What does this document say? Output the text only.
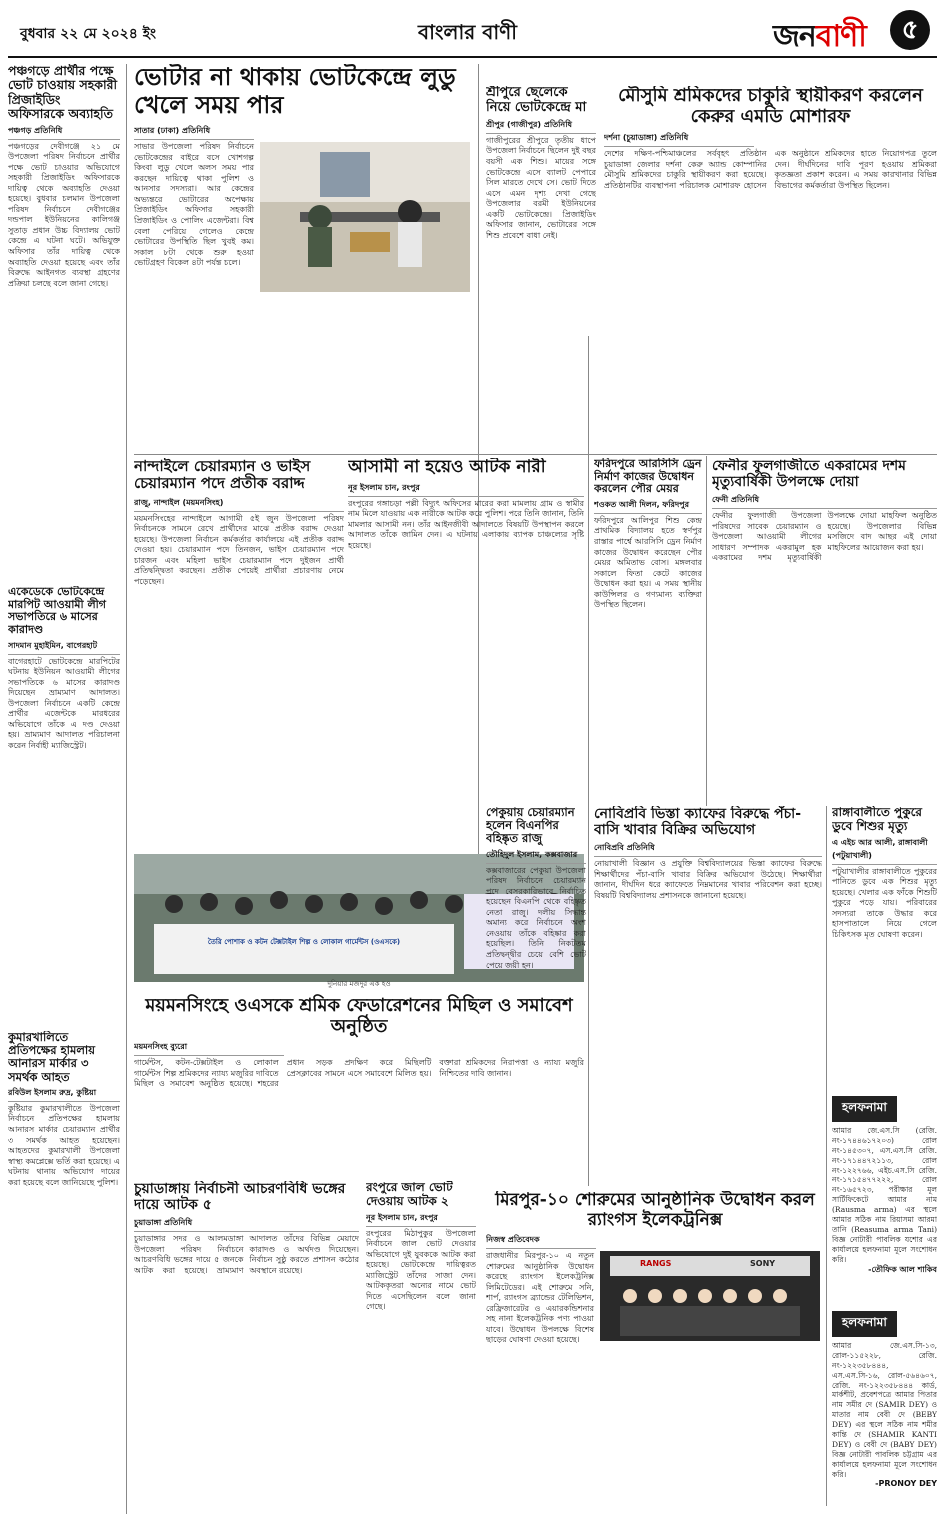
বুধবার ২২ মে ২০২৪ ইং	বাংলার বাণী	জনবাণী	৫
পঞ্চগড়ে প্রার্থীর পক্ষে ভোট চাওয়ায় সহকারী প্রিজাইডিং অফিসারকে অব্যাহতি
পঞ্চগড় প্রতিনিধি
পঞ্চগড়ের দেবীগঞ্জে ২১ মে উপজেলা পরিষদ নির্বাচনে প্রার্থীর পক্ষে ভোট চাওয়ার অভিযোগে সহকারী প্রিজাইডিং অফিসারকে দায়িত্ব থেকে অব্যাহতি দেওয়া হয়েছে। বুধবার চলমান উপজেলা পরিষদ নির্বাচনে দেবীগঞ্জের দন্ডপাল ইউনিয়নের কালিগঞ্জ সুতাড় প্রধান উচ্চ বিদ্যালয় ভোট কেন্দ্রে এ ঘটনা ঘটে। অভিযুক্ত অফিসার তাঁর দায়িত্ব থেকে অব্যাহতি দেওয়া হয়েছে এবং তাঁর বিরুদ্ধে আইনগত ব্যবস্থা গ্রহণের প্রক্রিয়া চলছে বলে জানা গেছে।
একেডেকে ভোটকেন্দ্রে মারপিট আওয়ামী লীগ সভাপতিরে ৬ মাসের কারাদণ্ড
সাদমান মুহাইমিন, বাগেরহাট
বাগেরহাটে ভোটকেন্দ্রে মারপিটের ঘটনায় ইউনিয়ন আওয়ামী লীগের সভাপতিকে ৬ মাসের কারাদণ্ড দিয়েছেন ভ্রাম্যমাণ আদালত। উপজেলা নির্বাচনে একটি কেন্দ্রে প্রার্থীর এজেন্টকে মারধরের অভিযোগে তাঁকে এ দণ্ড দেওয়া হয়। ভ্রাম্যমাণ আদালত পরিচালনা করেন নির্বাহী ম্যাজিস্ট্রেট।
কুমারখালিতে প্রতিপক্ষের হামলায় আনারস মার্কার ৩ সমর্থক আহত
রবিউল ইসলাম রুদ্র, কুষ্টিয়া
কুষ্টিয়ার কুমারখালীতে উপজেলা নির্বাচনে প্রতিপক্ষের হামলায় আনারস মার্কার চেয়ারম্যান প্রার্থীর ৩ সমর্থক আহত হয়েছেন। আহতদের কুমারখালী উপজেলা স্বাস্থ্য কমপ্লেক্সে ভর্তি করা হয়েছে। এ ঘটনায় থানায় অভিযোগ দায়ের করা হয়েছে বলে জানিয়েছে পুলিশ।
ভোটার না থাকায় ভোটকেন্দ্রে লুডু খেলে সময় পার
সাতার (ঢাকা) প্রতিনিধি
সাভার উপজেলা পরিষদ নির্বাচনে ভোটকেন্দ্রের বাইরে বসে খোশগল্প কিংবা লুডু খেলে অলস সময় পার করছেন দায়িত্বে থাকা পুলিশ ও আনসার সদস্যরা। আর কেন্দ্রের অভ্যন্তরে ভোটারের অপেক্ষায় প্রিজাইডিং অফিসার সহকারী প্রিজাইডিং ও পোলিং এজেন্টরা। বিশ্ব বেলা পেরিয়ে গেলেও কেন্দ্রে ভোটারের উপস্থিতি ছিল খুবই কম। সকাল ৮টা থেকে শুরু হওয়া ভোটগ্রহণ বিকেল ৪টা পর্যন্ত চলে।
শ্রীপুরে ছেলেকে নিয়ে ভোটকেন্দ্রে মা
শ্রীপুর (গাজীপুর) প্রতিনিধি
গাজীপুরের শ্রীপুরে তৃতীয় ধাপে উপজেলা নির্বাচনে ছিলেন দুই বছর বয়সী এক শিশু। মায়ের সঙ্গে ভোটকেন্দ্রে এসে ব্যালট পেপারে সিল মারতে দেখে সে। ভোট দিতে এসে এমন দৃশ্য দেখা গেছে উপজেলার বরমী ইউনিয়নের একটি ভোটকেন্দ্রে। প্রিজাইডিং অফিসার জানান, ভোটারের সঙ্গে শিশু প্রবেশে বাধা নেই।
মৌসুমি শ্রমিকদের চাকুরি স্থায়ীকরণ করলেন কেরুর এমডি মোশারফ
দর্শনা (চুয়াডাঙ্গা) প্রতিনিধি
দেশের দক্ষিণ-পশ্চিমাঞ্চলের সর্ববৃহৎ প্রতিষ্ঠান চুয়াডাঙ্গা জেলার দর্শনা কেরু অ্যান্ড কোম্পানির মৌসুমি শ্রমিকদের চাকুরি স্থায়ীকরণ করা হয়েছে। প্রতিষ্ঠানটির ব্যবস্থাপনা পরিচালক মোশারফ হোসেন এক অনুষ্ঠানে শ্রমিকদের হাতে নিয়োগপত্র তুলে দেন। দীর্ঘদিনের দাবি পূরণ হওয়ায় শ্রমিকরা কৃতজ্ঞতা প্রকাশ করেন। এ সময় কারখানার বিভিন্ন বিভাগের কর্মকর্তারা উপস্থিত ছিলেন।
নান্দাইলে চেয়ারম্যান ও ভাইস চেয়ারম্যান পদে প্রতীক বরাদ্দ
রাজু, নান্দাইল (ময়মনসিংহ)
ময়মনসিংহের নান্দাইলে আগামী ৫ই জুন উপজেলা পরিষদ নির্বাচনকে সামনে রেখে প্রার্থীদের মাঝে প্রতীক বরাদ্দ দেওয়া হয়েছে। উপজেলা নির্বাচন কর্মকর্তার কার্যালয়ে এই প্রতীক বরাদ্দ দেওয়া হয়। চেয়ারম্যান পদে তিনজন, ভাইস চেয়ারম্যান পদে চারজন এবং মহিলা ভাইস চেয়ারম্যান পদে দুইজন প্রার্থী প্রতিদ্বন্দ্বিতা করছেন। প্রতীক পেয়েই প্রার্থীরা প্রচারণায় নেমে পড়েছেন।
আসামী না হয়েও আটক নারী
নূর ইসলাম চান, রংপুর
রংপুরের গঙ্গাচড়া পল্লী বিদ্যুৎ অফিসের মারের করা মামলায় গ্রাম ও স্বামীর নাম মিলে যাওয়ায় এক নারীকে আটক করে পুলিশ। পরে তিনি জানান, তিনি মামলার আসামী নন। তাঁর আইনজীবী আদালতে বিষয়টি উপস্থাপন করলে আদালত তাঁকে জামিন দেন। এ ঘটনায় এলাকায় ব্যাপক চাঞ্চল্যের সৃষ্টি হয়েছে।
ফরিদপুরে আরসিসি ড্রেন নির্মাণ কাজের উদ্বোধন করলেন পৌর মেয়র
শওকত আলী দিলন, ফরিদপুর
ফরিদপুরে আলিপুর শিশু কেন্দ্র প্রাথমিক বিদ্যালয় হতে স্বর্ণপুর রাস্তার পার্শ্বে আরসিসি ড্রেন নির্মাণ কাজের উদ্বোধন করেছেন পৌর মেয়র অমিতাভ বোস। মঙ্গলবার সকালে ফিতা কেটে কাজের উদ্বোধন করা হয়। এ সময় স্থানীয় কাউন্সিলর ও গণ্যমান্য ব্যক্তিরা উপস্থিত ছিলেন।
ফেনীর ফুলগাজীতে একরামের দশম মৃত্যুবার্ষিকী উপলক্ষে দোয়া
ফেনী প্রতিনিধি
ফেনীর ফুলগাজী উপজেলা পরিষদের সাবেক চেয়ারম্যান ও উপজেলা আওয়ামী লীগের সাধারণ সম্পাদক একরামুল হক একরামের দশম মৃত্যুবার্ষিকী উপলক্ষে দোয়া মাহফিল অনুষ্ঠিত হয়েছে। উপজেলার বিভিন্ন মসজিদে বাদ আছর এই দোয়া মাহফিলের আয়োজন করা হয়।
তৈরি পোশাক ও কটন টেক্সটাইল শিল্প ও লোকাল গার্মেন্টস (ওএসকে)
দুনিয়ার মজদুর এক হও
ময়মনসিংহে ওএসকে শ্রমিক ফেডারেশনের মিছিল ও সমাবেশ অনুষ্ঠিত
ময়মনসিংহ ব্যুরো
গার্মেন্টস, কটন-টেক্সটাইল ও লোকাল গার্মেন্টস শিল্প শ্রমিকদের ন্যায্য মজুরির দাবিতে মিছিল ও সমাবেশ অনুষ্ঠিত হয়েছে। শহরের প্রধান সড়ক প্রদক্ষিণ করে মিছিলটি প্রেসক্লাবের সামনে এসে সমাবেশে মিলিত হয়। বক্তারা শ্রমিকদের নিরাপত্তা ও ন্যায্য মজুরি নিশ্চিতের দাবি জানান।
পেকুয়ায় চেয়ারম্যান হলেন বিএনপির বহিষ্কৃত রাজু
তৌহিদুল ইসলাম, কক্সবাজার
কক্সবাজারের পেকুয়া উপজেলা পরিষদ নির্বাচনে চেয়ারম্যান পদে বেসরকারিভাবে নির্বাচিত হয়েছেন বিএনপি থেকে বহিষ্কৃত নেতা রাজু। দলীয় সিদ্ধান্ত অমান্য করে নির্বাচনে অংশ নেওয়ায় তাঁকে বহিষ্কার করা হয়েছিল। তিনি নিকটতম প্রতিদ্বন্দ্বীর চেয়ে বেশি ভোট পেয়ে জয়ী হন।
নোবিপ্রবি ভিস্তা ক্যাফের বিরুদ্ধে পঁচা-বাসি খাবার বিক্রির অভিযোগ
নোবিপ্রবি প্রতিনিধি
নোয়াখালী বিজ্ঞান ও প্রযুক্তি বিশ্ববিদ্যালয়ের ভিস্তা ক্যাফের বিরুদ্ধে শিক্ষার্থীদের পঁচা-বাসি খাবার বিক্রির অভিযোগ উঠেছে। শিক্ষার্থীরা জানান, দীর্ঘদিন ধরে ক্যাফেতে নিম্নমানের খাবার পরিবেশন করা হচ্ছে। বিষয়টি বিশ্ববিদ্যালয় প্রশাসনকে জানানো হয়েছে।
রাঙ্গাবালীতে পুকুরে ডুবে শিশুর মৃত্যু
এ এইচ আর আলী, রাঙ্গাবালী (পটুয়াখালী)
পটুয়াখালীর রাঙ্গাবালীতে পুকুরের পানিতে ডুবে এক শিশুর মৃত্যু হয়েছে। খেলার এক ফাঁকে শিশুটি পুকুরে পড়ে যায়। পরিবারের সদস্যরা তাকে উদ্ধার করে হাসপাতালে নিয়ে গেলে চিকিৎসক মৃত ঘোষণা করেন।
হলফনামা
আমার জে.এস.সি (রেজি. নং-১৭৪৪৬১৭২০৩) রোল নং-১৪৫৩০৭, এস.এস.সি রেজি. নং-১৭১৪৪৭২১১৩, রোল নং-১২২৭৬৬, এইচ.এস.সি রেজি. নং-১৭১৫৪৭৭২২২, রোল নং-১৬৫৭২৩, পরীক্ষার মূল সার্টিফিকেটে আমার নাম (Rausma arma) এর স্থলে আমার সঠিক নাম রিয়াসমা আরমা তানি (Reasuma arma Tani) বিজ্ঞ নোটারী পাবলিক যশোর এর কার্যালয়ে হলফনামা মূলে সংশোধন করি।
-তৌফিক আল শাকিব
হলফনামা
আমার জে.এস.সি-১৩, রোল-১১৫২২৮, রেজি. নং-১২২৩৫৮৪৪৪, এস.এস.সি-১৬, রোল-৫৬৪৬০৭, রেজি. নং-১২২৩৫৮৪৪৪ কার্ড, মার্কশীট, প্রবেশপত্রে আমার পিতার নাম সমীর দে (SAMIR DEY) ও মাতার নাম বেবী দে (BEBY DEY) এর স্থলে সঠিক নাম শমীর কান্তি দে (SHAMIR KANTI DEY) ও বেবী দে (BABY DEY) বিজ্ঞ নোটারী পাবলিক চট্টগ্রাম এর কার্যালয়ে হলফনামা মূলে সংশোধন করি।
-PRONOY DEY
চুয়াডাঙ্গায় নির্বাচনী আচরণবিধি ভঙ্গের দায়ে আটক ৫
চুয়াডাঙ্গা প্রতিনিধি
চুয়াডাঙ্গার সদর ও আলমডাঙ্গা উপজেলা পরিষদ নির্বাচনে আচরণবিধি ভঙ্গের দায়ে ৫ জনকে আটক করা হয়েছে। ভ্রাম্যমাণ আদালত তাঁদের বিভিন্ন মেয়াদে কারাদণ্ড ও অর্থদণ্ড দিয়েছেন। নির্বাচন সুষ্ঠু করতে প্রশাসন কঠোর অবস্থানে রয়েছে।
রংপুরে জাল ভোট দেওয়ায় আটক ২
নূর ইসলাম চান, রংপুর
রংপুরের মিঠাপুকুর উপজেলা নির্বাচনে জাল ভোট দেওয়ার অভিযোগে দুই যুবককে আটক করা হয়েছে। ভোটকেন্দ্রে দায়িত্বরত ম্যাজিস্ট্রেট তাঁদের সাজা দেন। আটককৃতরা অন্যের নামে ভোট দিতে এসেছিলেন বলে জানা গেছে।
মিরপুর-১০ শোরুমের আনুষ্ঠানিক উদ্বোধন করল র‍্যাংগস ইলেকট্রনিক্স
নিজস্ব প্রতিবেদক
রাজধানীর মিরপুর-১০ এ নতুন শোরুমের আনুষ্ঠানিক উদ্বোধন করেছে র‍্যাংগস ইলেকট্রনিক্স লিমিটেডের। এই শোরুমে সনি, শার্প, র‍্যাংগস ব্র্যান্ডের টেলিভিশন, রেফ্রিজারেটর ও এয়ারকন্ডিশনার সহ নানা ইলেকট্রনিক পণ্য পাওয়া যাবে। উদ্বোধন উপলক্ষে বিশেষ ছাড়ের ঘোষণা দেওয়া হয়েছে।
SONY
RANGS
